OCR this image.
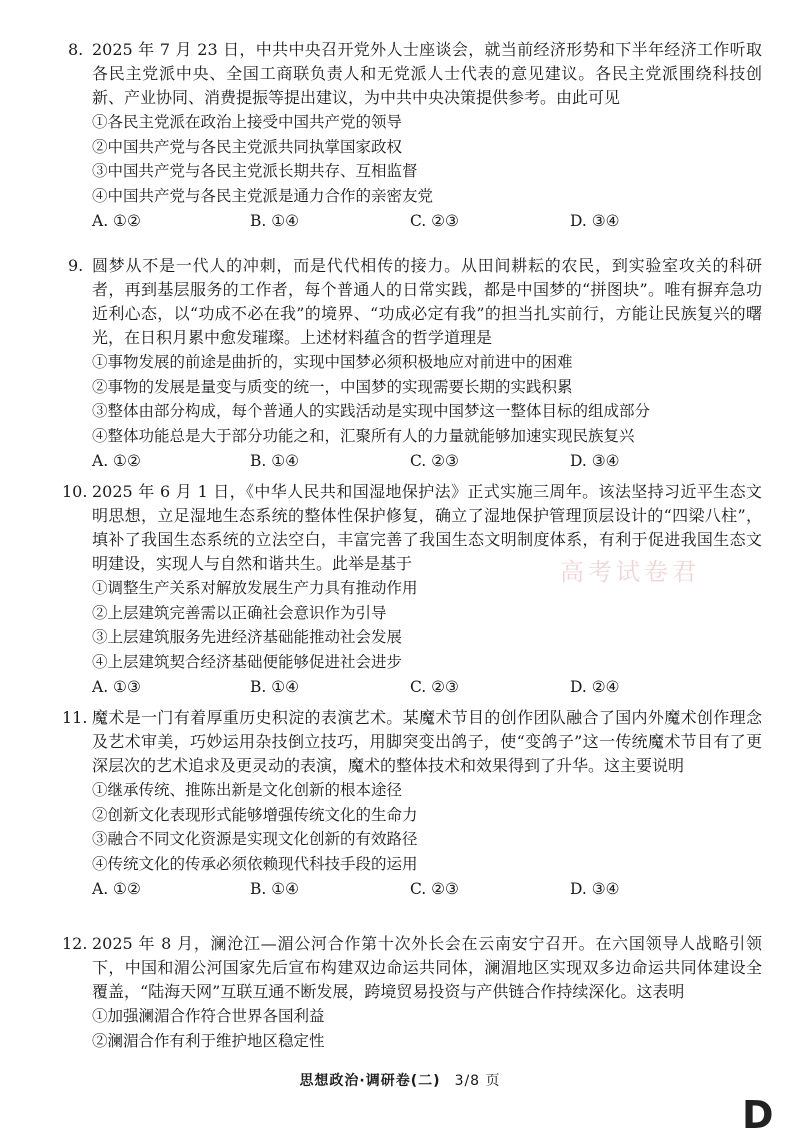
8. 2025 年 7 月 23 日，中共中央召开党外人士座谈会，就当前经济形势和下半年经济工作听取各民主党派中央、全国工商联负责人和无党派人士代表的意见建议。各民主党派围绕科技创新、产业协同、消费提振等提出建议，为中共中央决策提供参考。由此可见

①各民主党派在政治上接受中国共产党的领导

②中国共产党与各民主党派共同执掌国家政权

③中国共产党与各民主党派长期共存、互相监督

④中国共产党与各民主党派是通力合作的亲密友党

A. ①②	B. ①④	C. ②③	D. ③④
9. 圆梦从不是一代人的冲刺，而是代代相传的接力。从田间耕耘的农民，到实验室攻关的科研者，再到基层服务的工作者，每个普通人的日常实践，都是中国梦的“拼图块”。唯有摒弃急功近利心态，以“功成不必在我”的境界、“功成必定有我”的担当扎实前行，方能让民族复兴的曙光，在日积月累中愈发璀璨。上述材料蕴含的哲学道理是

①事物发展的前途是曲折的，实现中国梦必须积极地应对前进中的困难

②事物的发展是量变与质变的统一，中国梦的实现需要长期的实践积累

③整体由部分构成，每个普通人的实践活动是实现中国梦这一整体目标的组成部分

④整体功能总是大于部分功能之和，汇聚所有人的力量就能够加速实现民族复兴

A. ①②	B. ①④	C. ②③	D. ③④
10. 2025 年 6 月 1 日，《中华人民共和国湿地保护法》正式实施三周年。该法坚持习近平生态文明思想，立足湿地生态系统的整体性保护修复，确立了湿地保护管理顶层设计的“四梁八柱”，填补了我国生态系统的立法空白，丰富完善了我国生态文明制度体系，有利于促进我国生态文明建设，实现人与自然和谐共生。此举是基于

①调整生产关系对解放发展生产力具有推动作用

②上层建筑完善需以正确社会意识作为引导

③上层建筑服务先进经济基础能推动社会发展

④上层建筑契合经济基础便能够促进社会进步

A. ①③	B. ①④	C. ②③	D. ②④
11. 魔术是一门有着厚重历史积淀的表演艺术。某魔术节目的创作团队融合了国内外魔术创作理念及艺术审美，巧妙运用杂技倒立技巧，用脚突变出鸽子，使“变鸽子”这一传统魔术节目有了更深层次的艺术追求及更灵动的表演，魔术的整体技术和效果得到了升华。这主要说明

①继承传统、推陈出新是文化创新的根本途径

②创新文化表现形式能够增强传统文化的生命力

③融合不同文化资源是实现文化创新的有效路径

④传统文化的传承必须依赖现代科技手段的运用

A. ①②	B. ①④	C. ②③	D. ③④
12. 2025 年 8 月，澜沧江—湄公河合作第十次外长会在云南安宁召开。在六国领导人战略引领下，中国和湄公河国家先后宣布构建双边命运共同体，澜湄地区实现双多边命运共同体建设全覆盖，“陆海天网”互联互通不断发展，跨境贸易投资与产供链合作持续深化。这表明

①加强澜湄合作符合世界各国利益

②澜湄合作有利于维护地区稳定性

高考试卷君
思想政治·调研卷(二) 3/8 页
D
